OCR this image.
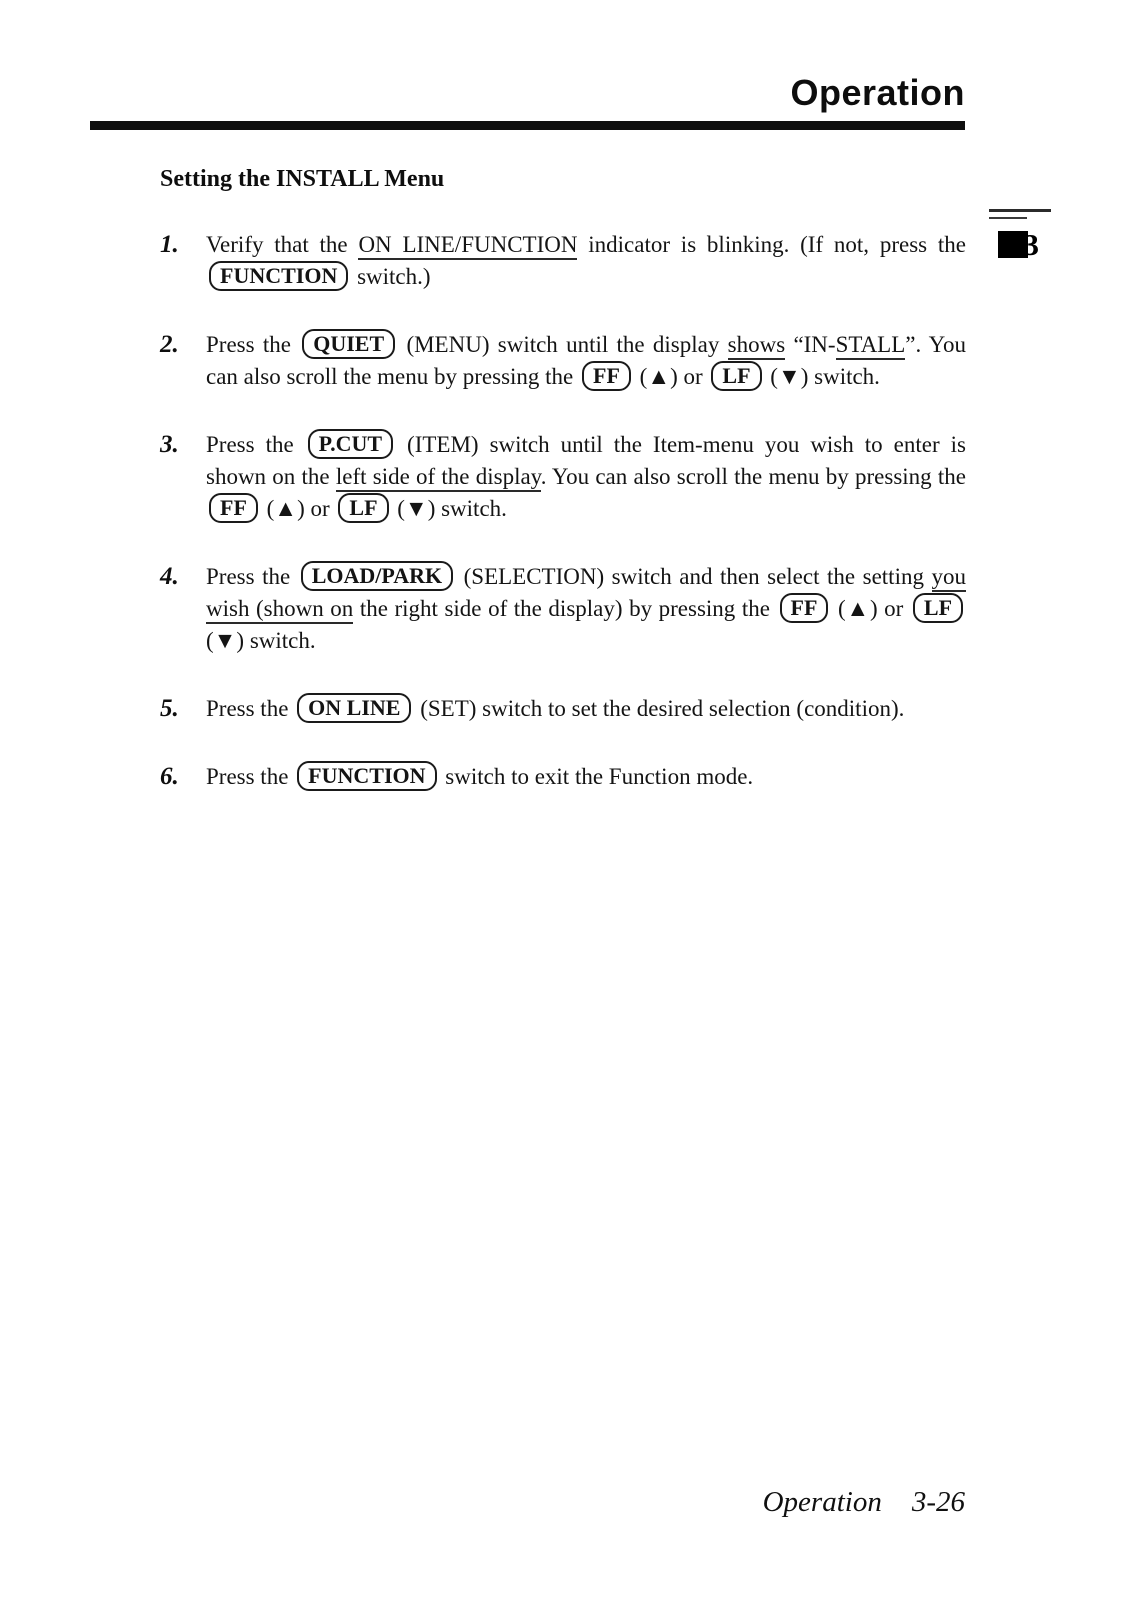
Operation
3
Setting the INSTALL Menu
1.	Verify that the ON LINE/FUNCTION indicator is blinking. (If not, press the FUNCTION switch.)
2.	Press the QUIET (MENU) switch until the display shows “IN-STALL”. You can also scroll the menu by pressing the FF (▲) or LF (▼) switch.
3.	Press the P.CUT (ITEM) switch until the Item-menu you wish to enter is shown on the left side of the display. You can also scroll the menu by pressing the FF (▲) or LF (▼) switch.
4.	Press the LOAD/PARK (SELECTION) switch and then select the setting you wish (shown on the right side of the display) by pressing the FF (▲) or LF (▼) switch.
5.	Press the ON LINE (SET) switch to set the desired selection (condition).
6.	Press the FUNCTION switch to exit the Function mode.
Operation 3-26
